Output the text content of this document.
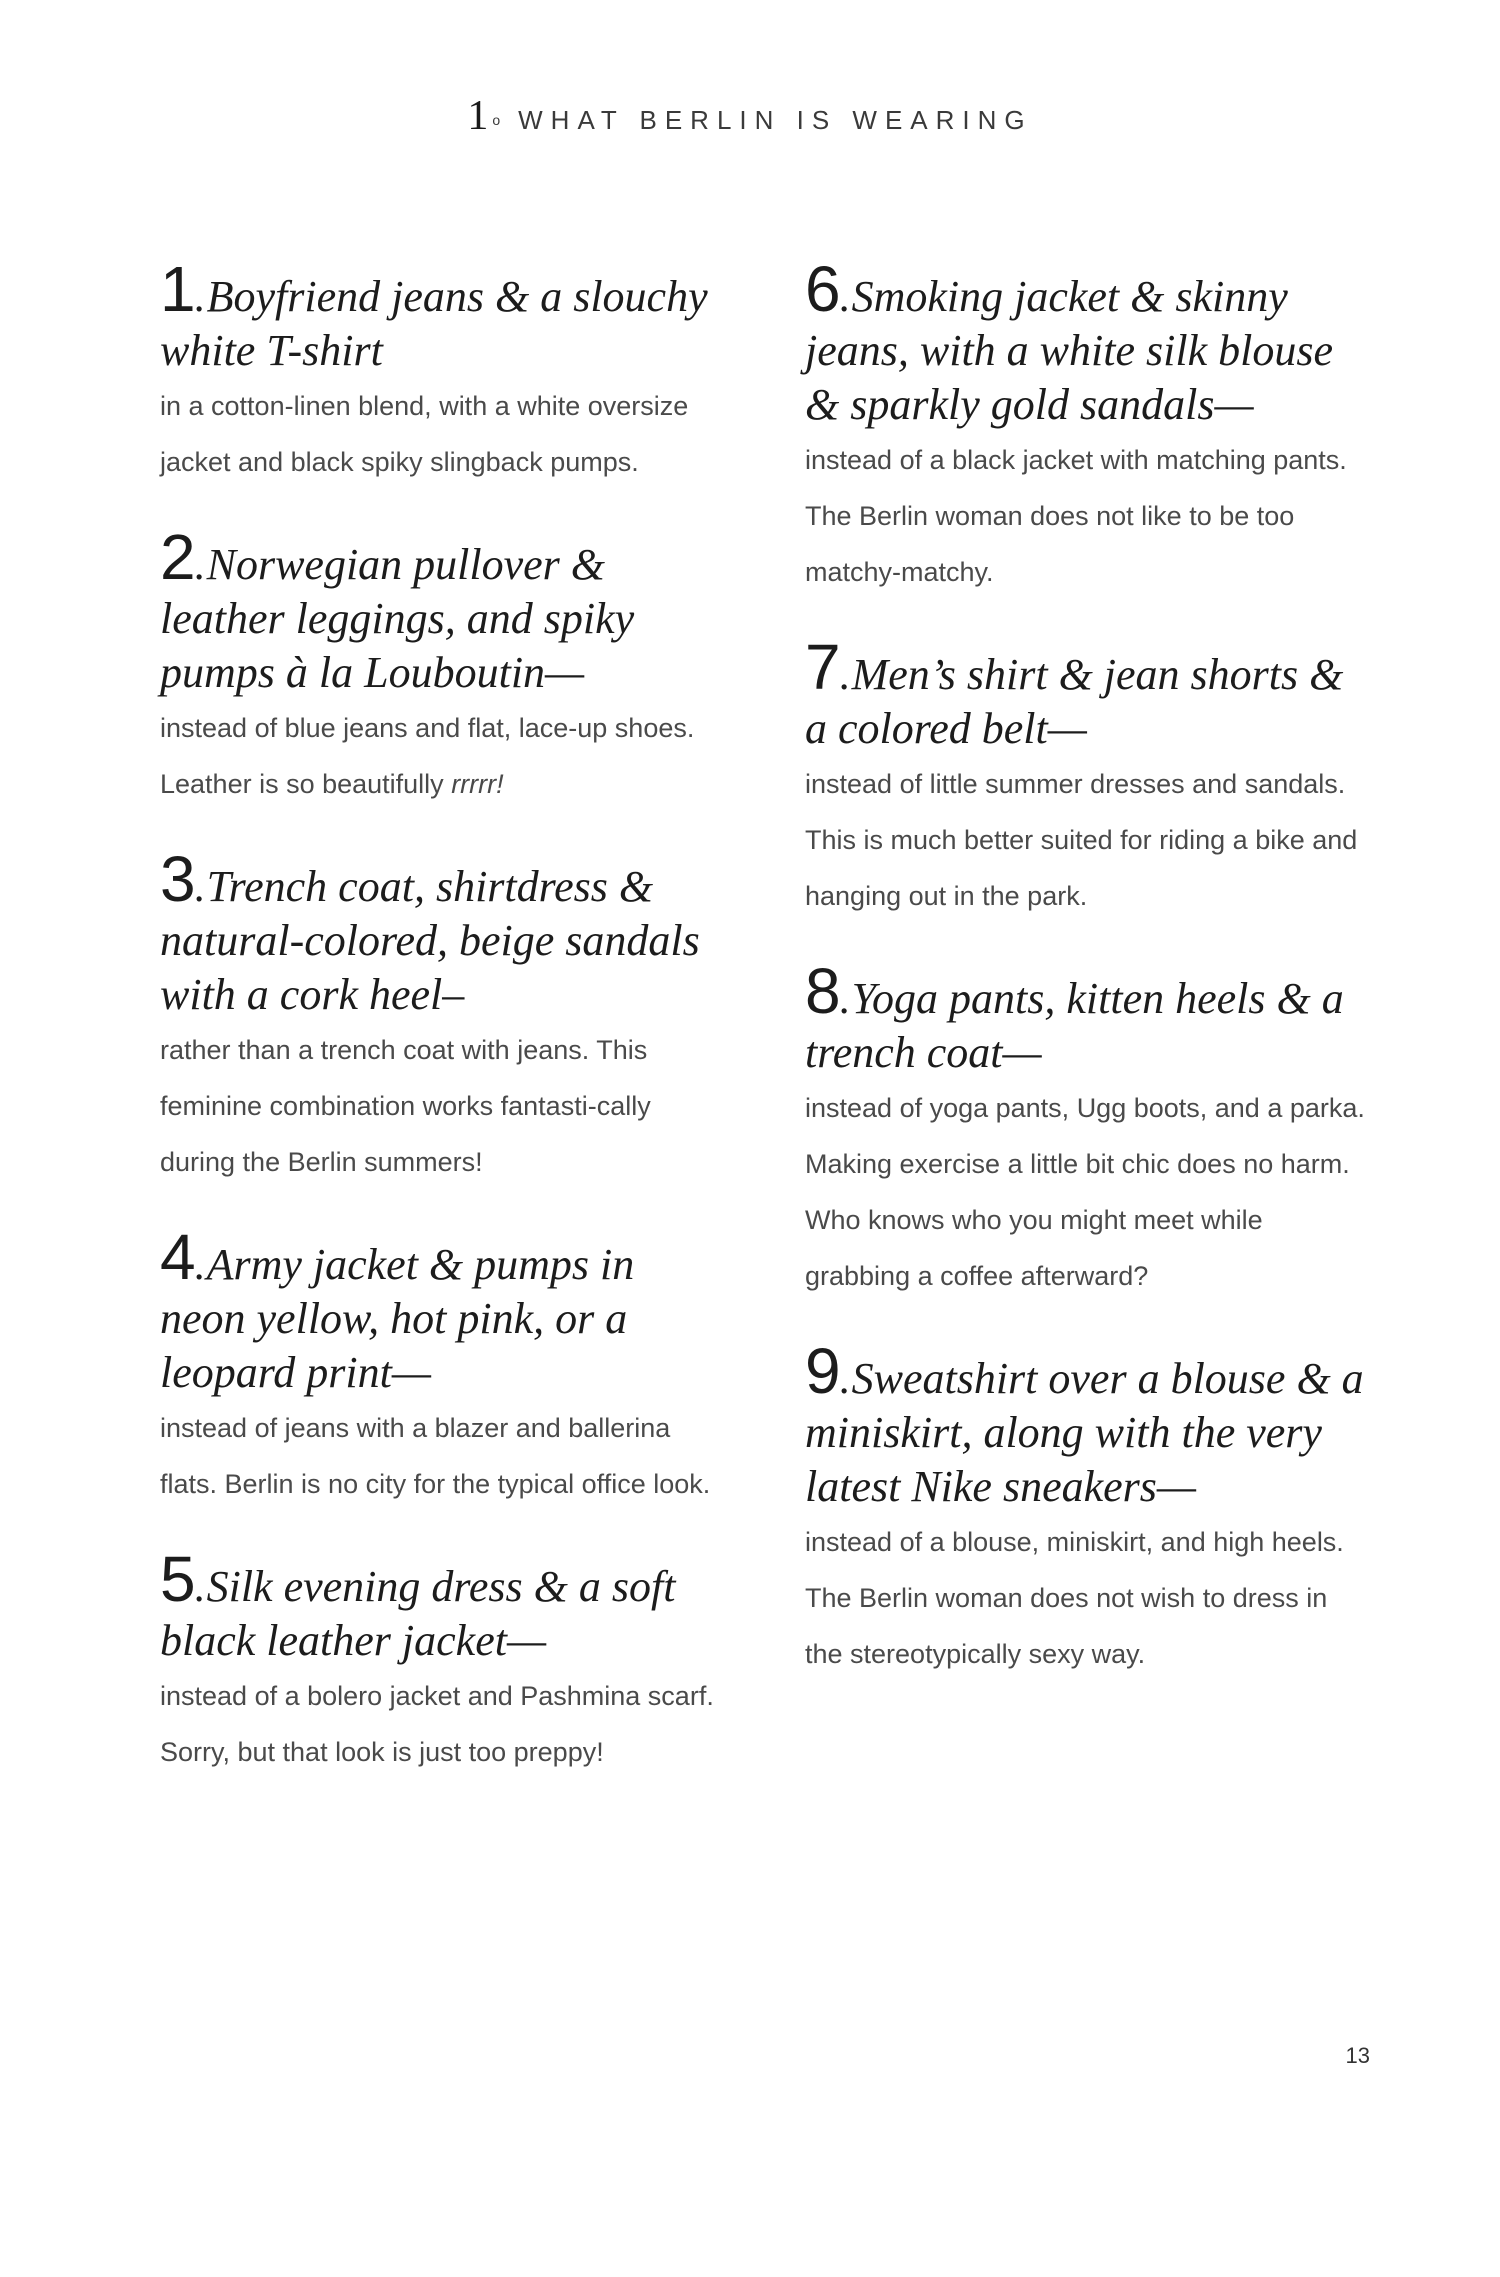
1 o WHAT BERLIN IS WEARING
1.Boyfriend jeans & a slouchy white T-shirt
in a cotton-linen blend, with a white oversize jacket and black spiky slingback pumps.
2.Norwegian pullover & leather leggings, and spiky pumps à la Louboutin—
instead of blue jeans and flat, lace-up shoes. Leather is so beautifully rrrrr!
3.Trench coat, shirtdress & natural-colored, beige sandals with a cork heel–
rather than a trench coat with jeans. This feminine combination works fantasti-cally during the Berlin summers!
4.Army jacket & pumps in neon yellow, hot pink, or a leopard print—
instead of jeans with a blazer and ballerina flats. Berlin is no city for the typical office look.
5.Silk evening dress & a soft black leather jacket—
instead of a bolero jacket and Pashmina scarf. Sorry, but that look is just too preppy!
6.Smoking jacket & skinny jeans, with a white silk blouse & sparkly gold sandals—
instead of a black jacket with matching pants. The Berlin woman does not like to be too matchy-matchy.
7.Men’s shirt & jean shorts & a colored belt—
instead of little summer dresses and sandals. This is much better suited for riding a bike and hanging out in the park.
8.Yoga pants, kitten heels & a trench coat—
instead of yoga pants, Ugg boots, and a parka. Making exercise a little bit chic does no harm. Who knows who you might meet while grabbing a coffee afterward?
9.Sweatshirt over a blouse & a miniskirt, along with the very latest Nike sneakers—
instead of a blouse, miniskirt, and high heels. The Berlin woman does not wish to dress in the stereotypically sexy way.
13
